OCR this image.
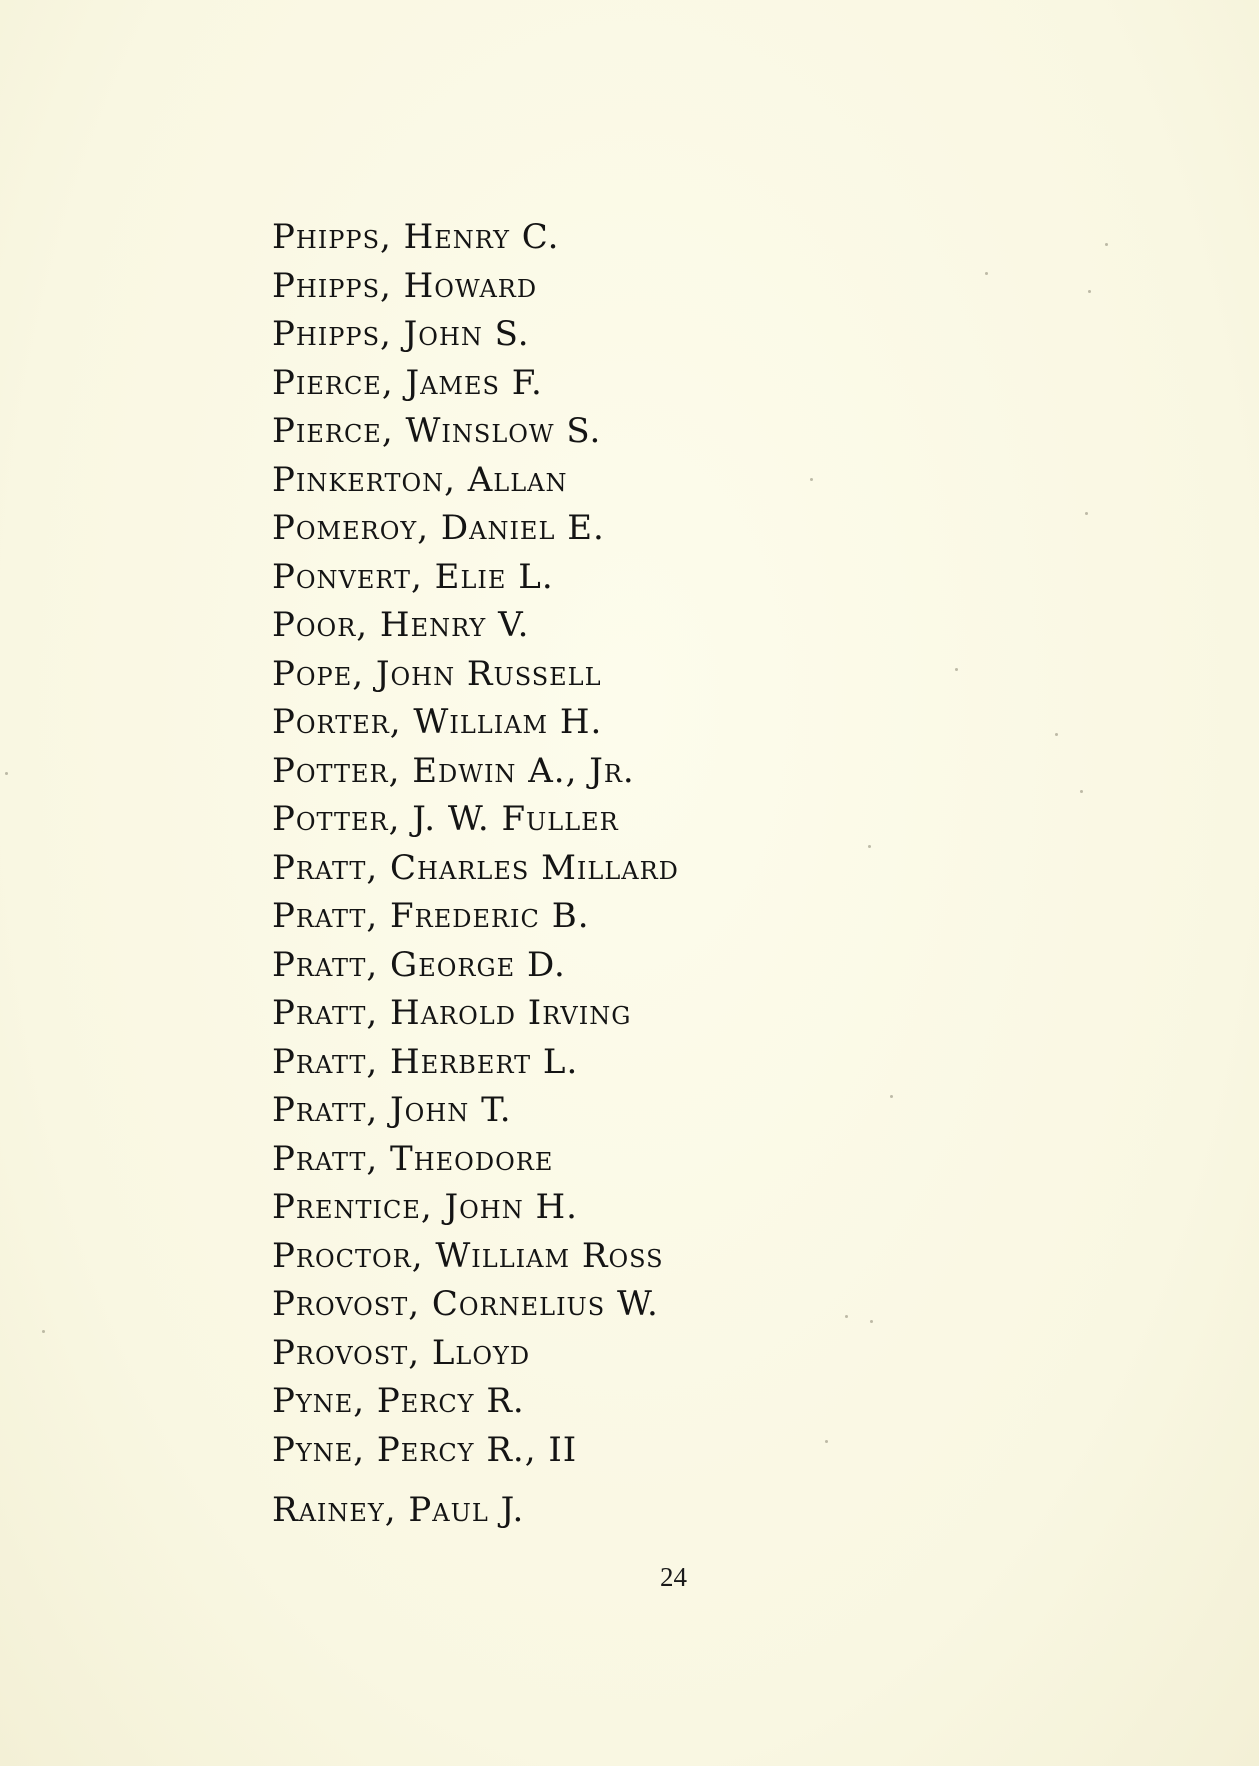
Phipps, Henry C.
Phipps, Howard
Phipps, John S.
Pierce, James F.
Pierce, Winslow S.
Pinkerton, Allan
Pomeroy, Daniel E.
Ponvert, Elie L.
Poor, Henry V.
Pope, John Russell
Porter, William H.
Potter, Edwin A., Jr.
Potter, J. W. Fuller
Pratt, Charles Millard
Pratt, Frederic B.
Pratt, George D.
Pratt, Harold Irving
Pratt, Herbert L.
Pratt, John T.
Pratt, Theodore
Prentice, John H.
Proctor, William Ross
Provost, Cornelius W.
Provost, Lloyd
Pyne, Percy R.
Pyne, Percy R., II
Rainey, Paul J.
24
